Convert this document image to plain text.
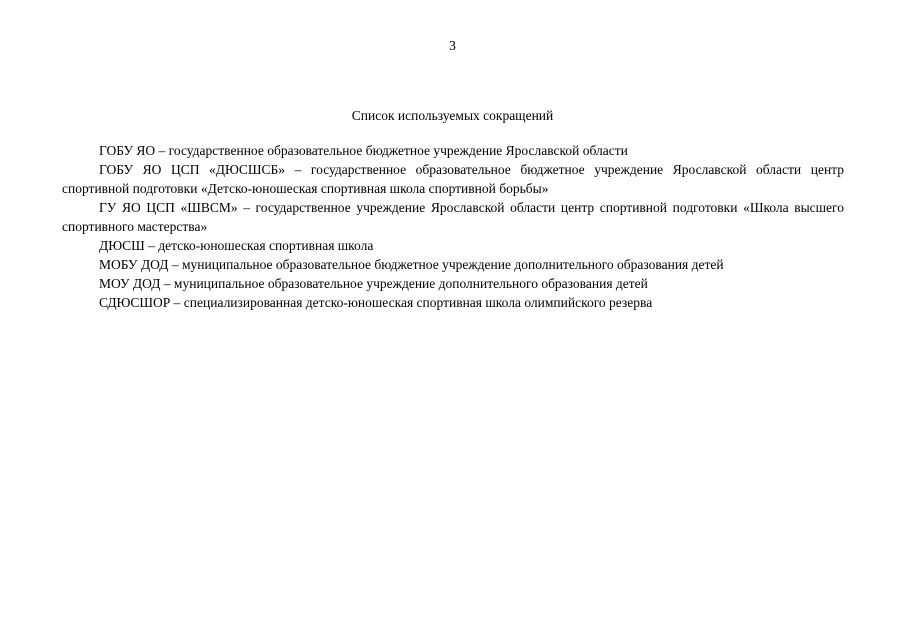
3
Список используемых сокращений
ГОБУ ЯО – государственное образовательное бюджетное учреждение Ярославской области
ГОБУ ЯО ЦСП «ДЮСШСБ» – государственное образовательное бюджетное учреждение Ярославской области центр спортивной подготовки «Детско-юношеская спортивная школа спортивной борьбы»
ГУ ЯО ЦСП «ШВСМ» – государственное учреждение Ярославской области центр спортивной подготовки «Школа высшего спортивного мастерства»
ДЮСШ – детско-юношеская спортивная школа
МОБУ ДОД – муниципальное образовательное бюджетное учреждение дополнительного образования детей
МОУ ДОД – муниципальное образовательное учреждение дополнительного образования детей
СДЮСШОР – специализированная детско-юношеская спортивная школа олимпийского резерва
